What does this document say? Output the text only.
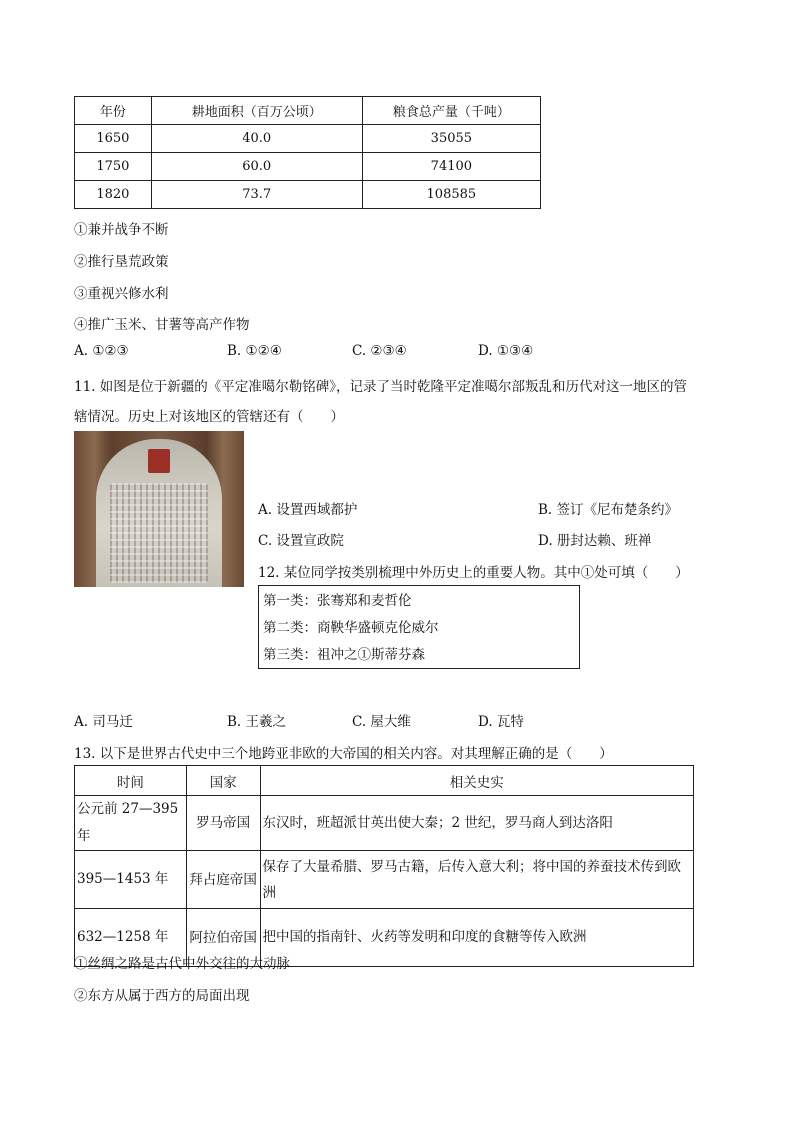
年份	耕地面积（百万公顷）	粮食总产量（千吨）
1650	40.0	35055
1750	60.0	74100
1820	73.7	108585
①兼并战争不断
②推行垦荒政策
③重视兴修水利
④推广玉米、甘薯等高产作物
A. ①②③	B. ①②④	C. ②③④	D. ①③④
11. 如图是位于新疆的《平定准噶尔勒铭碑》，记录了当时乾隆平定准噶尔部叛乱和历代对这一地区的管
辖情况。历史上对该地区的管辖还有（　　）
A. 设置西域都护	B. 签订《尼布楚条约》
C. 设置宣政院	D. 册封达赖、班禅
12. 某位同学按类别梳理中外历史上的重要人物。其中①处可填（　　）
第一类：张骞郑和麦哲伦
第二类：商鞅华盛顿克伦威尔
第三类：祖冲之①斯蒂芬森
A. 司马迁	B. 王羲之	C. 屋大维	D. 瓦特
13. 以下是世界古代史中三个地跨亚非欧的大帝国的相关内容。对其理解正确的是（　　）
时间	国家	相关史实

公元前 27—395 年	罗马帝国	东汉时，班超派甘英出使大秦；2 世纪，罗马商人到达洛阳

395—1453 年	拜占庭帝国	保存了大量希腊、罗马古籍，后传入意大利；将中国的养蚕技术传到欧洲

632—1258 年	阿拉伯帝国	把中国的指南针、火药等发明和印度的食糖等传入欧洲
①丝绸之路是古代中外交往的大动脉
②东方从属于西方的局面出现
